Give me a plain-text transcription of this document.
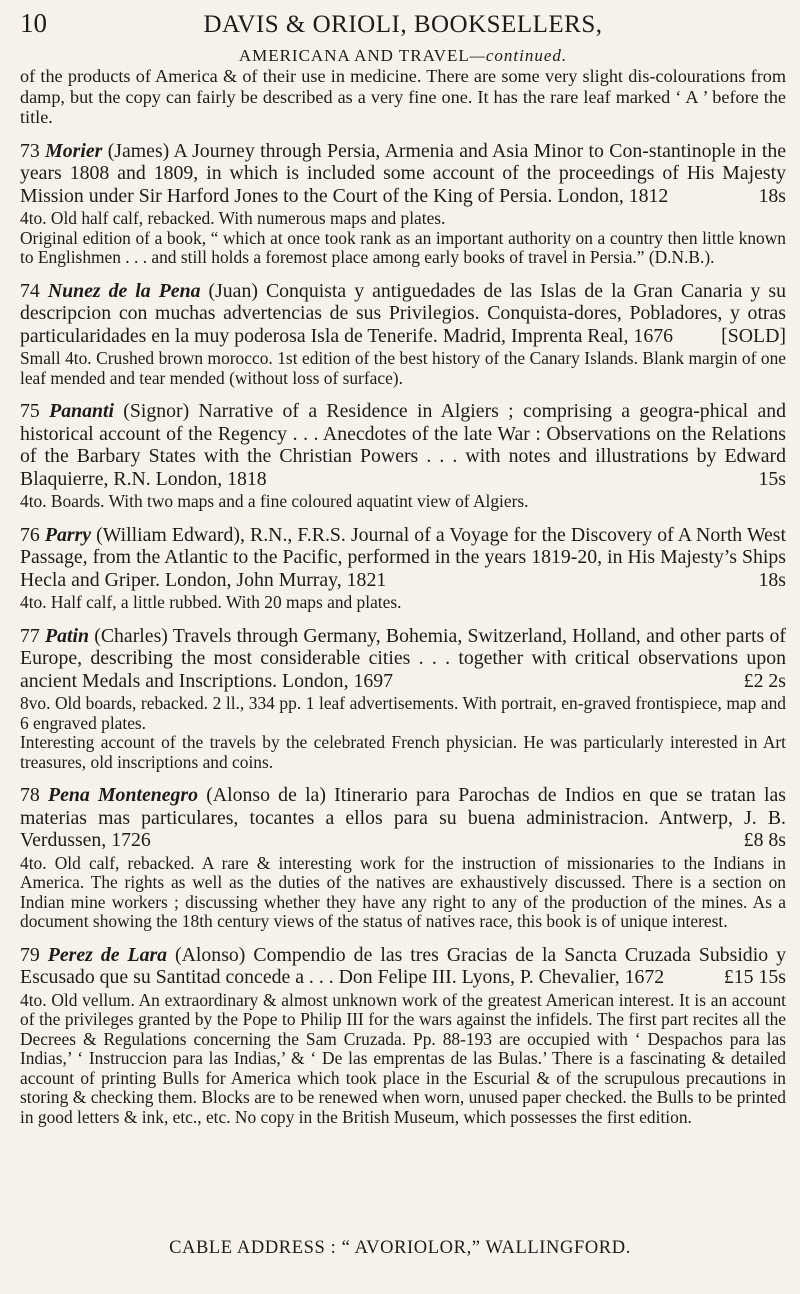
10	DAVIS & ORIOLI, BOOKSELLERS,
AMERICANA AND TRAVEL—continued.

of the products of America & of their use in medicine. There are some very slight dis-colourations from damp, but the copy can fairly be described as a very fine one. It has the rare leaf marked ‘ A ’ before the title.

73 Morier (James) A Journey through Persia, Armenia and Asia Minor to Con-stantinople in the years 1808 and 1809, in which is included some account of the proceedings of His Majesty Mission under Sir Harford Jones to the Court of the King of Persia. London, 1812	18s

4to. Old half calf, rebacked. With numerous maps and plates.

Original edition of a book, “ which at once took rank as an important authority on a country then little known to Englishmen . . . and still holds a foremost place among early books of travel in Persia.” (D.N.B.).

74 Nunez de la Pena (Juan) Conquista y antiguedades de las Islas de la Gran Canaria y su descripcion con muchas advertencias de sus Privilegios. Conquista-dores, Pobladores, y otras particularidades en la muy poderosa Isla de Tenerife. Madrid, Imprenta Real, 1676 [SOLD]

Small 4to. Crushed brown morocco. 1st edition of the best history of the Canary Islands. Blank margin of one leaf mended and tear mended (without loss of surface).

75 Pananti (Signor) Narrative of a Residence in Algiers ; comprising a geogra-phical and historical account of the Regency . . . Anecdotes of the late War : Observations on the Relations of the Barbary States with the Christian Powers . . . with notes and illustrations by Edward Blaquierre, R.N. London, 1818	15s

4to. Boards. With two maps and a fine coloured aquatint view of Algiers.

76 Parry (William Edward), R.N., F.R.S. Journal of a Voyage for the Discovery of A North West Passage, from the Atlantic to the Pacific, performed in the years 1819-20, in His Majesty’s Ships Hecla and Griper. London, John Murray, 1821	18s

4to. Half calf, a little rubbed. With 20 maps and plates.

77 Patin (Charles) Travels through Germany, Bohemia, Switzerland, Holland, and other parts of Europe, describing the most considerable cities . . . together with critical observations upon ancient Medals and Inscriptions. London, 1697	£2 2s

8vo. Old boards, rebacked. 2 ll., 334 pp. 1 leaf advertisements. With portrait, en-graved frontispiece, map and 6 engraved plates.

Interesting account of the travels by the celebrated French physician. He was particularly interested in Art treasures, old inscriptions and coins.

78 Pena Montenegro (Alonso de la) Itinerario para Parochas de Indios en que se tratan las materias mas particulares, tocantes a ellos para su buena administracion. Antwerp, J. B. Verdussen, 1726	£8 8s

4to. Old calf, rebacked. A rare & interesting work for the instruction of missionaries to the Indians in America. The rights as well as the duties of the natives are exhaustively discussed. There is a section on Indian mine workers ; discussing whether they have any right to any of the production of the mines. As a document showing the 18th century views of the status of natives race, this book is of unique interest.

79 Perez de Lara (Alonso) Compendio de las tres Gracias de la Sancta Cruzada Subsidio y Escusado que su Santitad concede a . . . Don Felipe III. Lyons, P. Chevalier, 1672	£15 15s

4to. Old vellum. An extraordinary & almost unknown work of the greatest American interest. It is an account of the privileges granted by the Pope to Philip III for the wars against the infidels. The first part recites all the Decrees & Regulations concerning the Sam Cruzada. Pp. 88-193 are occupied with ‘ Despachos para las Indias,’ ‘ Instruccion para las Indias,’ & ‘ De las emprentas de las Bulas.’ There is a fascinating & detailed account of printing Bulls for America which took place in the Escurial & of the scrupulous precautions in storing & checking them. Blocks are to be renewed when worn, unused paper checked. the Bulls to be printed in good letters & ink, etc., etc. No copy in the British Museum, which possesses the first edition.

CABLE ADDRESS : “ AVORIOLOR,” WALLINGFORD.
